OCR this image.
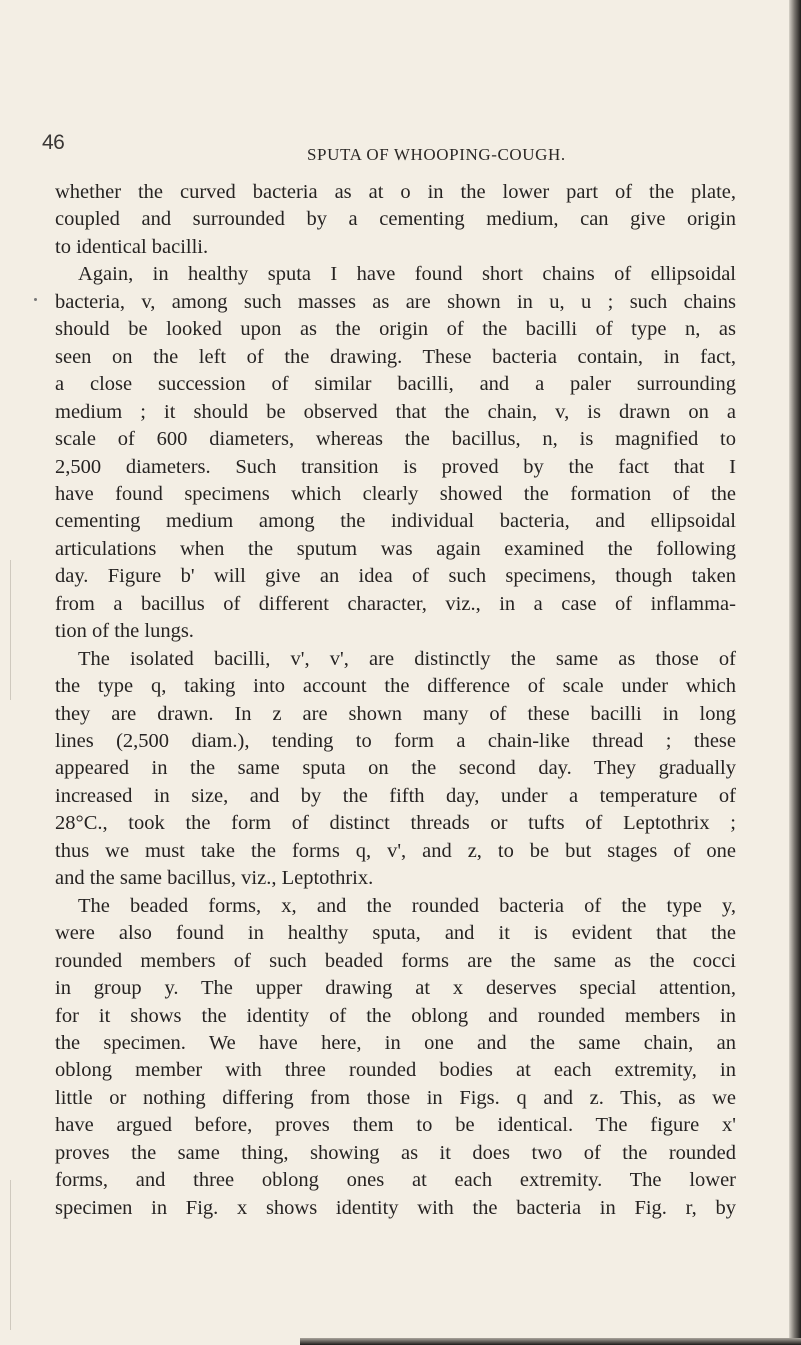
46
SPUTA OF WHOOPING-COUGH.
whether the curved bacteria as at o in the lower part of the plate,
coupled and surrounded by a cementing medium, can give origin
to identical bacilli.
Again, in healthy sputa I have found short chains of ellipsoidal
bacteria, v, among such masses as are shown in u, u ; such chains
should be looked upon as the origin of the bacilli of type n, as
seen on the left of the drawing. These bacteria contain, in fact,
a close succession of similar bacilli, and a paler surrounding
medium ; it should be observed that the chain, v, is drawn on a
scale of 600 diameters, whereas the bacillus, n, is magnified to
2,500 diameters. Such transition is proved by the fact that I
have found specimens which clearly showed the formation of the
cementing medium among the individual bacteria, and ellipsoidal
articulations when the sputum was again examined the following
day. Figure b' will give an idea of such specimens, though taken
from a bacillus of different character, viz., in a case of inflamma-
tion of the lungs.
The isolated bacilli, v', v', are distinctly the same as those of
the type q, taking into account the difference of scale under which
they are drawn. In z are shown many of these bacilli in long
lines (2,500 diam.), tending to form a chain-like thread ; these
appeared in the same sputa on the second day. They gradually
increased in size, and by the fifth day, under a temperature of
28°C., took the form of distinct threads or tufts of Leptothrix ;
thus we must take the forms q, v', and z, to be but stages of one
and the same bacillus, viz., Leptothrix.
The beaded forms, x, and the rounded bacteria of the type y,
were also found in healthy sputa, and it is evident that the
rounded members of such beaded forms are the same as the cocci
in group y. The upper drawing at x deserves special attention,
for it shows the identity of the oblong and rounded members in
the specimen. We have here, in one and the same chain, an
oblong member with three rounded bodies at each extremity, in
little or nothing differing from those in Figs. q and z. This, as we
have argued before, proves them to be identical. The figure x'
proves the same thing, showing as it does two of the rounded
forms, and three oblong ones at each extremity. The lower
specimen in Fig. x shows identity with the bacteria in Fig. r, by
